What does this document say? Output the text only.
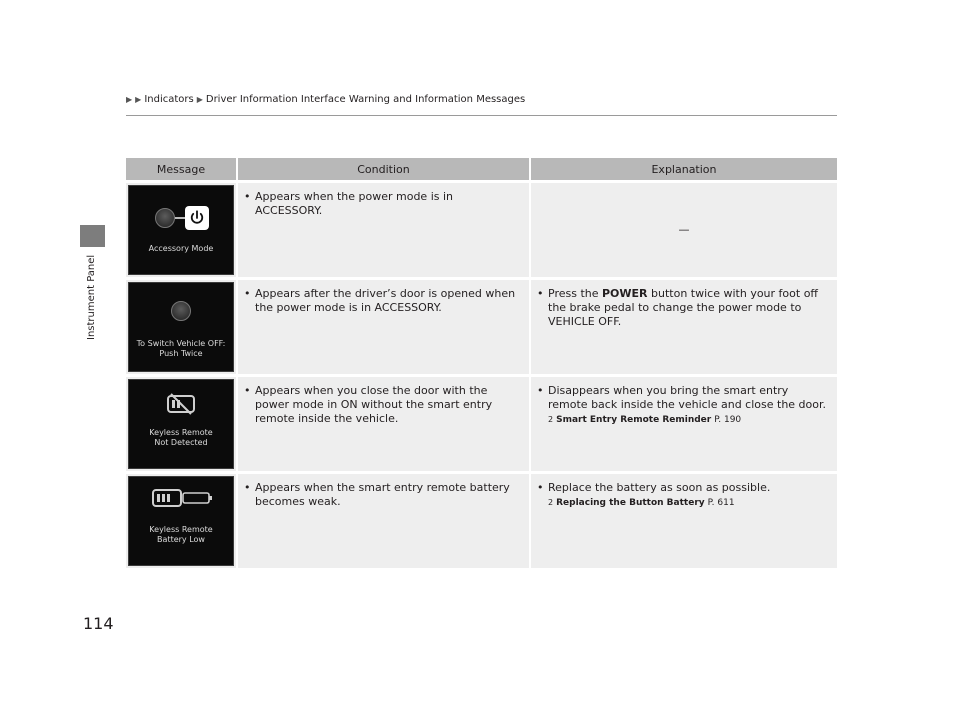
Instrument Panel
▶ ▶ Indicators ▶ Driver Information Interface Warning and Information Messages
Message	Condition	Explanation
Accessory Mode
• Appears when the power mode is in ACCESSORY.
—
To Switch Vehicle OFF:
Push Twice
• Appears after the driver’s door is opened when the power mode is in ACCESSORY.
• Press the POWER button twice with your foot off the brake pedal to change the power mode to VEHICLE OFF.
Keyless Remote
Not Detected
• Appears when you close the door with the power mode in ON without the smart entry remote inside the vehicle.
• Disappears when you bring the smart entry remote back inside the vehicle and close the door.
2 Smart Entry Remote Reminder P. 190
Keyless Remote
Battery Low
• Appears when the smart entry remote battery becomes weak.
• Replace the battery as soon as possible.
2 Replacing the Button Battery P. 611
114
